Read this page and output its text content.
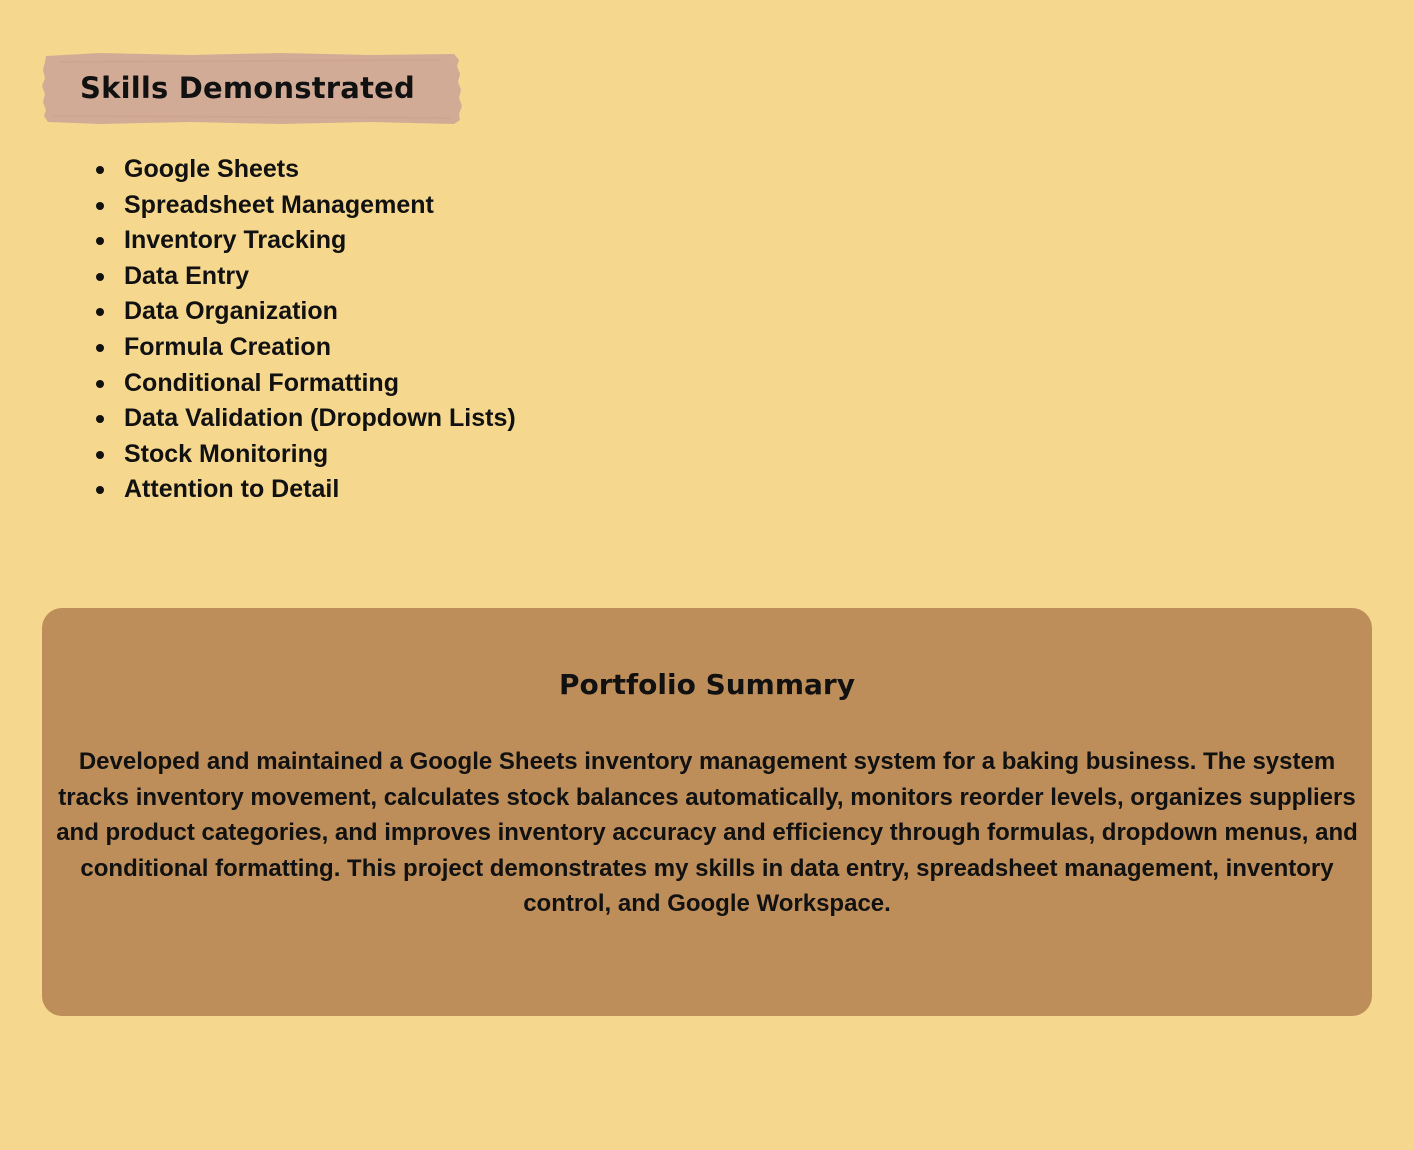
Skills Demonstrated
Google Sheets
Spreadsheet Management
Inventory Tracking
Data Entry
Data Organization
Formula Creation
Conditional Formatting
Data Validation (Dropdown Lists)
Stock Monitoring
Attention to Detail
Portfolio Summary

Developed and maintained a Google Sheets inventory management system for a baking business. The system tracks inventory movement, calculates stock balances automatically, monitors reorder levels, organizes suppliers and product categories, and improves inventory accuracy and efficiency through formulas, dropdown menus, and conditional formatting. This project demonstrates my skills in data entry, spreadsheet management, inventory control, and Google Workspace.
